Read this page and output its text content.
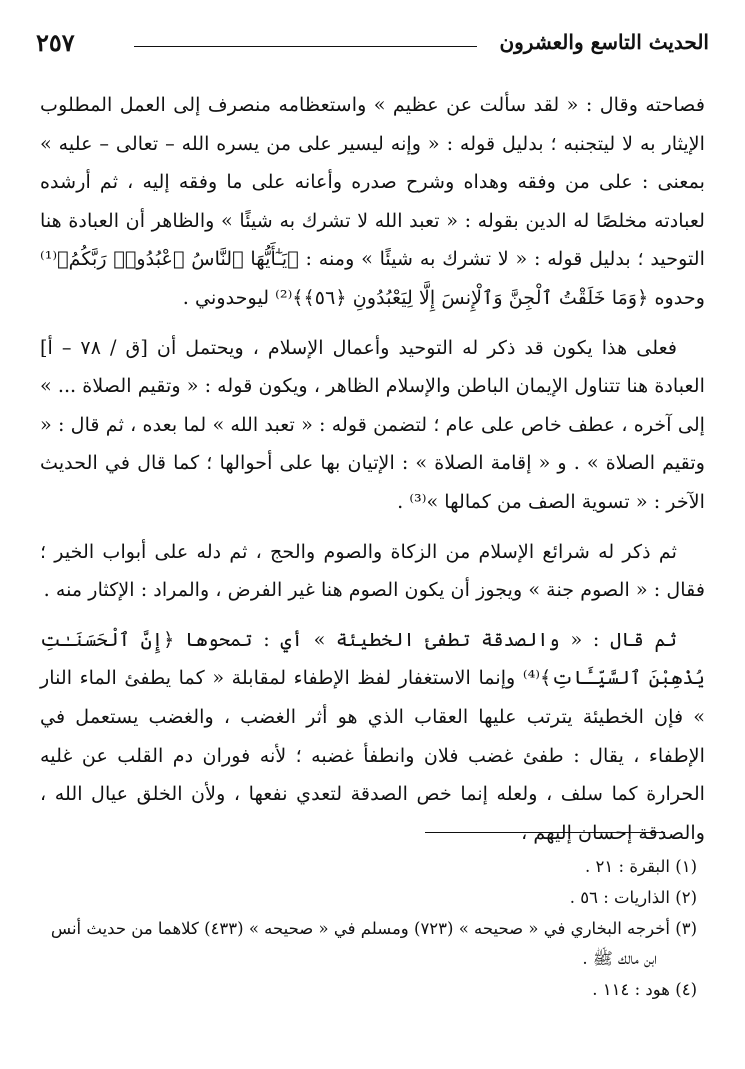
الحديث التاسع والعشرون
٢٥٧

فصاحته وقال : « لقد سألت عن عظيم » واستعظامه منصرف إلى العمل المطلوب الإيثار به لا ليتجنبه ؛ بدليل قوله : « وإنه ليسير على من يسره الله – تعالى – عليه » بمعنى : على من وفقه وهداه وشرح صدره وأعانه على ما وفقه إليه ، ثم أرشده لعبادته مخلصًا له الدين بقوله : « تعبد الله لا تشرك به شيئًا » والظاهر أن العبادة هنا التوحيد ؛ بدليل قوله : « لا تشرك به شيئًا » ومنه : ﴿يَـٰٓأَيُّهَا ٱلنَّاسُ ٱعْبُدُوا۟ رَبَّكُمُ﴾⁽¹⁾ وحدوه ﴿وَمَا خَلَقْتُ ٱلْجِنَّ وَٱلْإِنسَ إِلَّا لِيَعْبُدُونِ ﴿٥٦﴾﴾⁽²⁾ ليوحدوني .

فعلى هذا يكون قد ذكر له التوحيد وأعمال الإسلام ، ويحتمل أن [ق / ٧٨ – أ] العبادة هنا تتناول الإيمان الباطن والإسلام الظاهر ، ويكون قوله : « وتقيم الصلاة ... » إلى آخره ، عطف خاص على عام ؛ لتضمن قوله : « تعبد الله » لما بعده ، ثم قال : « وتقيم الصلاة » . و « إقامة الصلاة » : الإتيان بها على أحوالها ؛ كما قال في الحديث الآخر : « تسوية الصف من كمالها »⁽³⁾ .

ثم ذكر له شرائع الإسلام من الزكاة والصوم والحج ، ثم دله على أبواب الخير ؛ فقال : « الصوم جنة » ويجوز أن يكون الصوم هنا غير الفرض ، والمراد : الإكثار منه .

ثم قال : « والصدقة تطفئ الخطيئة » أي : تمحوها ﴿إِنَّ ٱلْحَسَنَـٰتِ يُذْهِبْنَ ٱلسَّيِّـَٔاتِ﴾⁽⁴⁾ وإنما الاستغفار لفظ الإطفاء لمقابلة « كما يطفئ الماء النار » فإن الخطيئة يترتب عليها العقاب الذي هو أثر الغضب ، والغضب يستعمل في الإطفاء ، يقال : طفئ غضب فلان وانطفأ غضبه ؛ لأنه فوران دم القلب عن غليه الحرارة كما سلف ، ولعله إنما خص الصدقة لتعدي نفعها ، ولأن الخلق عيال الله ، والصدقة إحسان إليهم ،

(١) البقرة : ٢١ .

(٢) الذاريات : ٥٦ .

(٣) أخرجه البخاري في « صحيحه » (٧٢٣) ومسلم في « صحيحه » (٤٣٣) كلاهما من حديث أنس

ابن مالك ﷺ .

(٤) هود : ١١٤ .
